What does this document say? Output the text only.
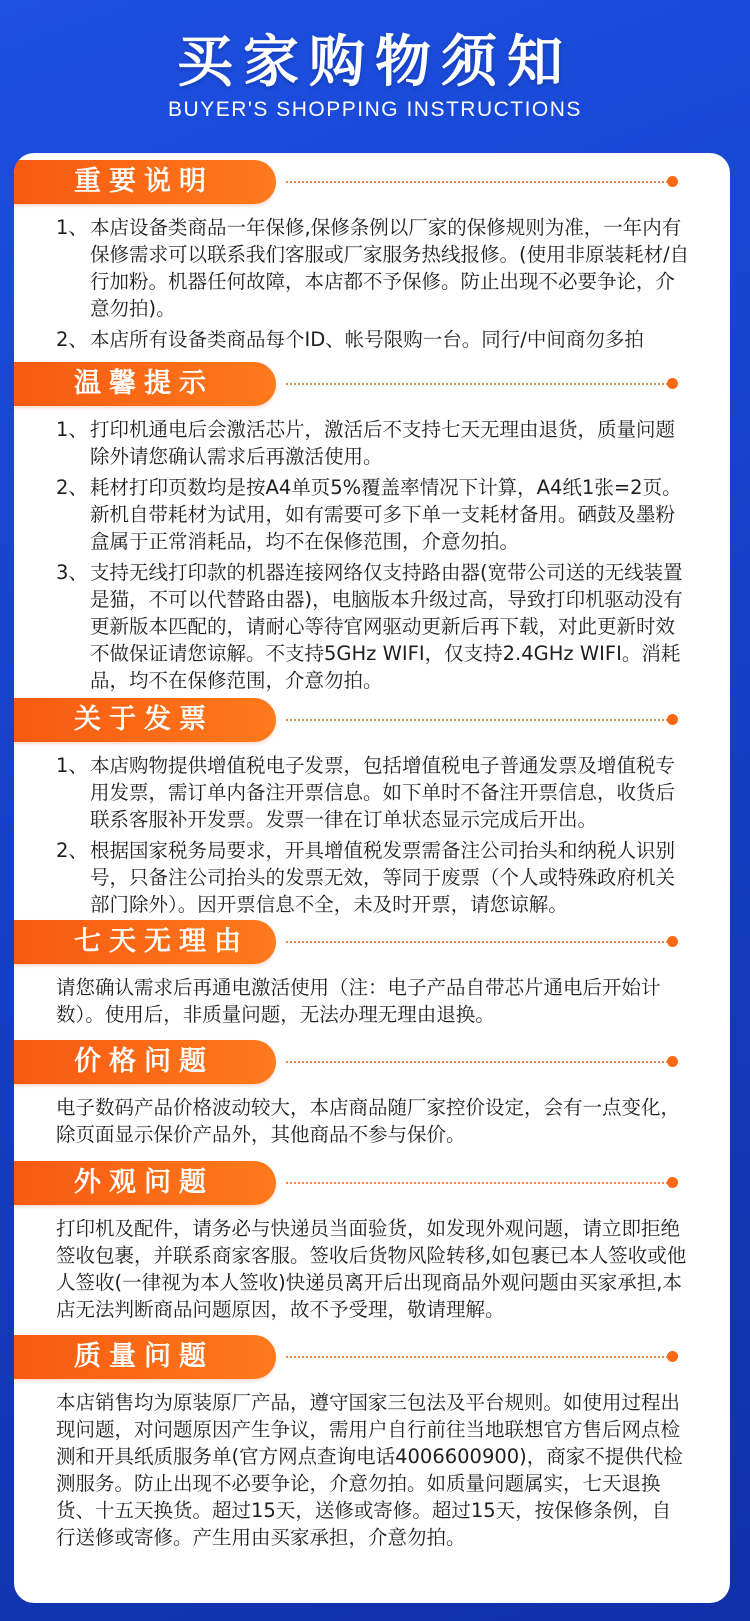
买家购物须知
BUYER'S SHOPPING INSTRUCTIONS
重要说明
1、 本店设备类商品一年保修,保修条例以厂家的保修规则为准，一年内有保修需求可以联系我们客服或厂家服务热线报修。(使用非原装耗材/自行加粉。机器任何故障，本店都不予保修。防止出现不必要争论，介意勿拍)。
2、 本店所有设备类商品每个ID、帐号限购一台。同行/中间商勿多拍
温馨提示
1、 打印机通电后会激活芯片，激活后不支持七天无理由退货，质量问题除外请您确认需求后再激活使用。
2、 耗材打印页数均是按A4单页5%覆盖率情况下计算，A4纸1张=2页。新机自带耗材为试用，如有需要可多下单一支耗材备用。硒鼓及墨粉盒属于正常消耗品，均不在保修范围，介意勿拍。
3、 支持无线打印款的机器连接网络仅支持路由器(宽带公司送的无线装置是猫，不可以代替路由器)，电脑版本升级过高，导致打印机驱动没有更新版本匹配的，请耐心等待官网驱动更新后再下载，对此更新时效不做保证请您谅解。不支持5GHz WIFI，仅支持2.4GHz WIFI。消耗品，均不在保修范围，介意勿拍。
关于发票
1、 本店购物提供增值税电子发票，包括增值税电子普通发票及增值税专用发票，需订单内备注开票信息。如下单时不备注开票信息，收货后联系客服补开发票。发票一律在订单状态显示完成后开出。
2、 根据国家税务局要求，开具增值税发票需备注公司抬头和纳税人识别号，只备注公司抬头的发票无效，等同于废票（个人或特殊政府机关部门除外）。因开票信息不全，未及时开票，请您谅解。
七天无理由
请您确认需求后再通电激活使用（注：电子产品自带芯片通电后开始计数）。使用后，非质量问题，无法办理无理由退换。
价格问题
电子数码产品价格波动较大，本店商品随厂家控价设定，会有一点变化，除页面显示保价产品外，其他商品不参与保价。
外观问题
打印机及配件，请务必与快递员当面验货，如发现外观问题，请立即拒绝签收包裹，并联系商家客服。签收后货物风险转移,如包裹已本人签收或他人签收(一律视为本人签收)快递员离开后出现商品外观问题由买家承担,本店无法判断商品问题原因，故不予受理，敬请理解。
质量问题
本店销售均为原装原厂产品，遵守国家三包法及平台规则。如使用过程出现问题，对问题原因产生争议，需用户自行前往当地联想官方售后网点检测和开具纸质服务单(官方网点查询电话4006600900)，商家不提供代检测服务。防止出现不必要争论，介意勿拍。如质量问题属实，七天退换货、十五天换货。超过15天，送修或寄修。超过15天，按保修条例，自行送修或寄修。产生用由买家承担，介意勿拍。
